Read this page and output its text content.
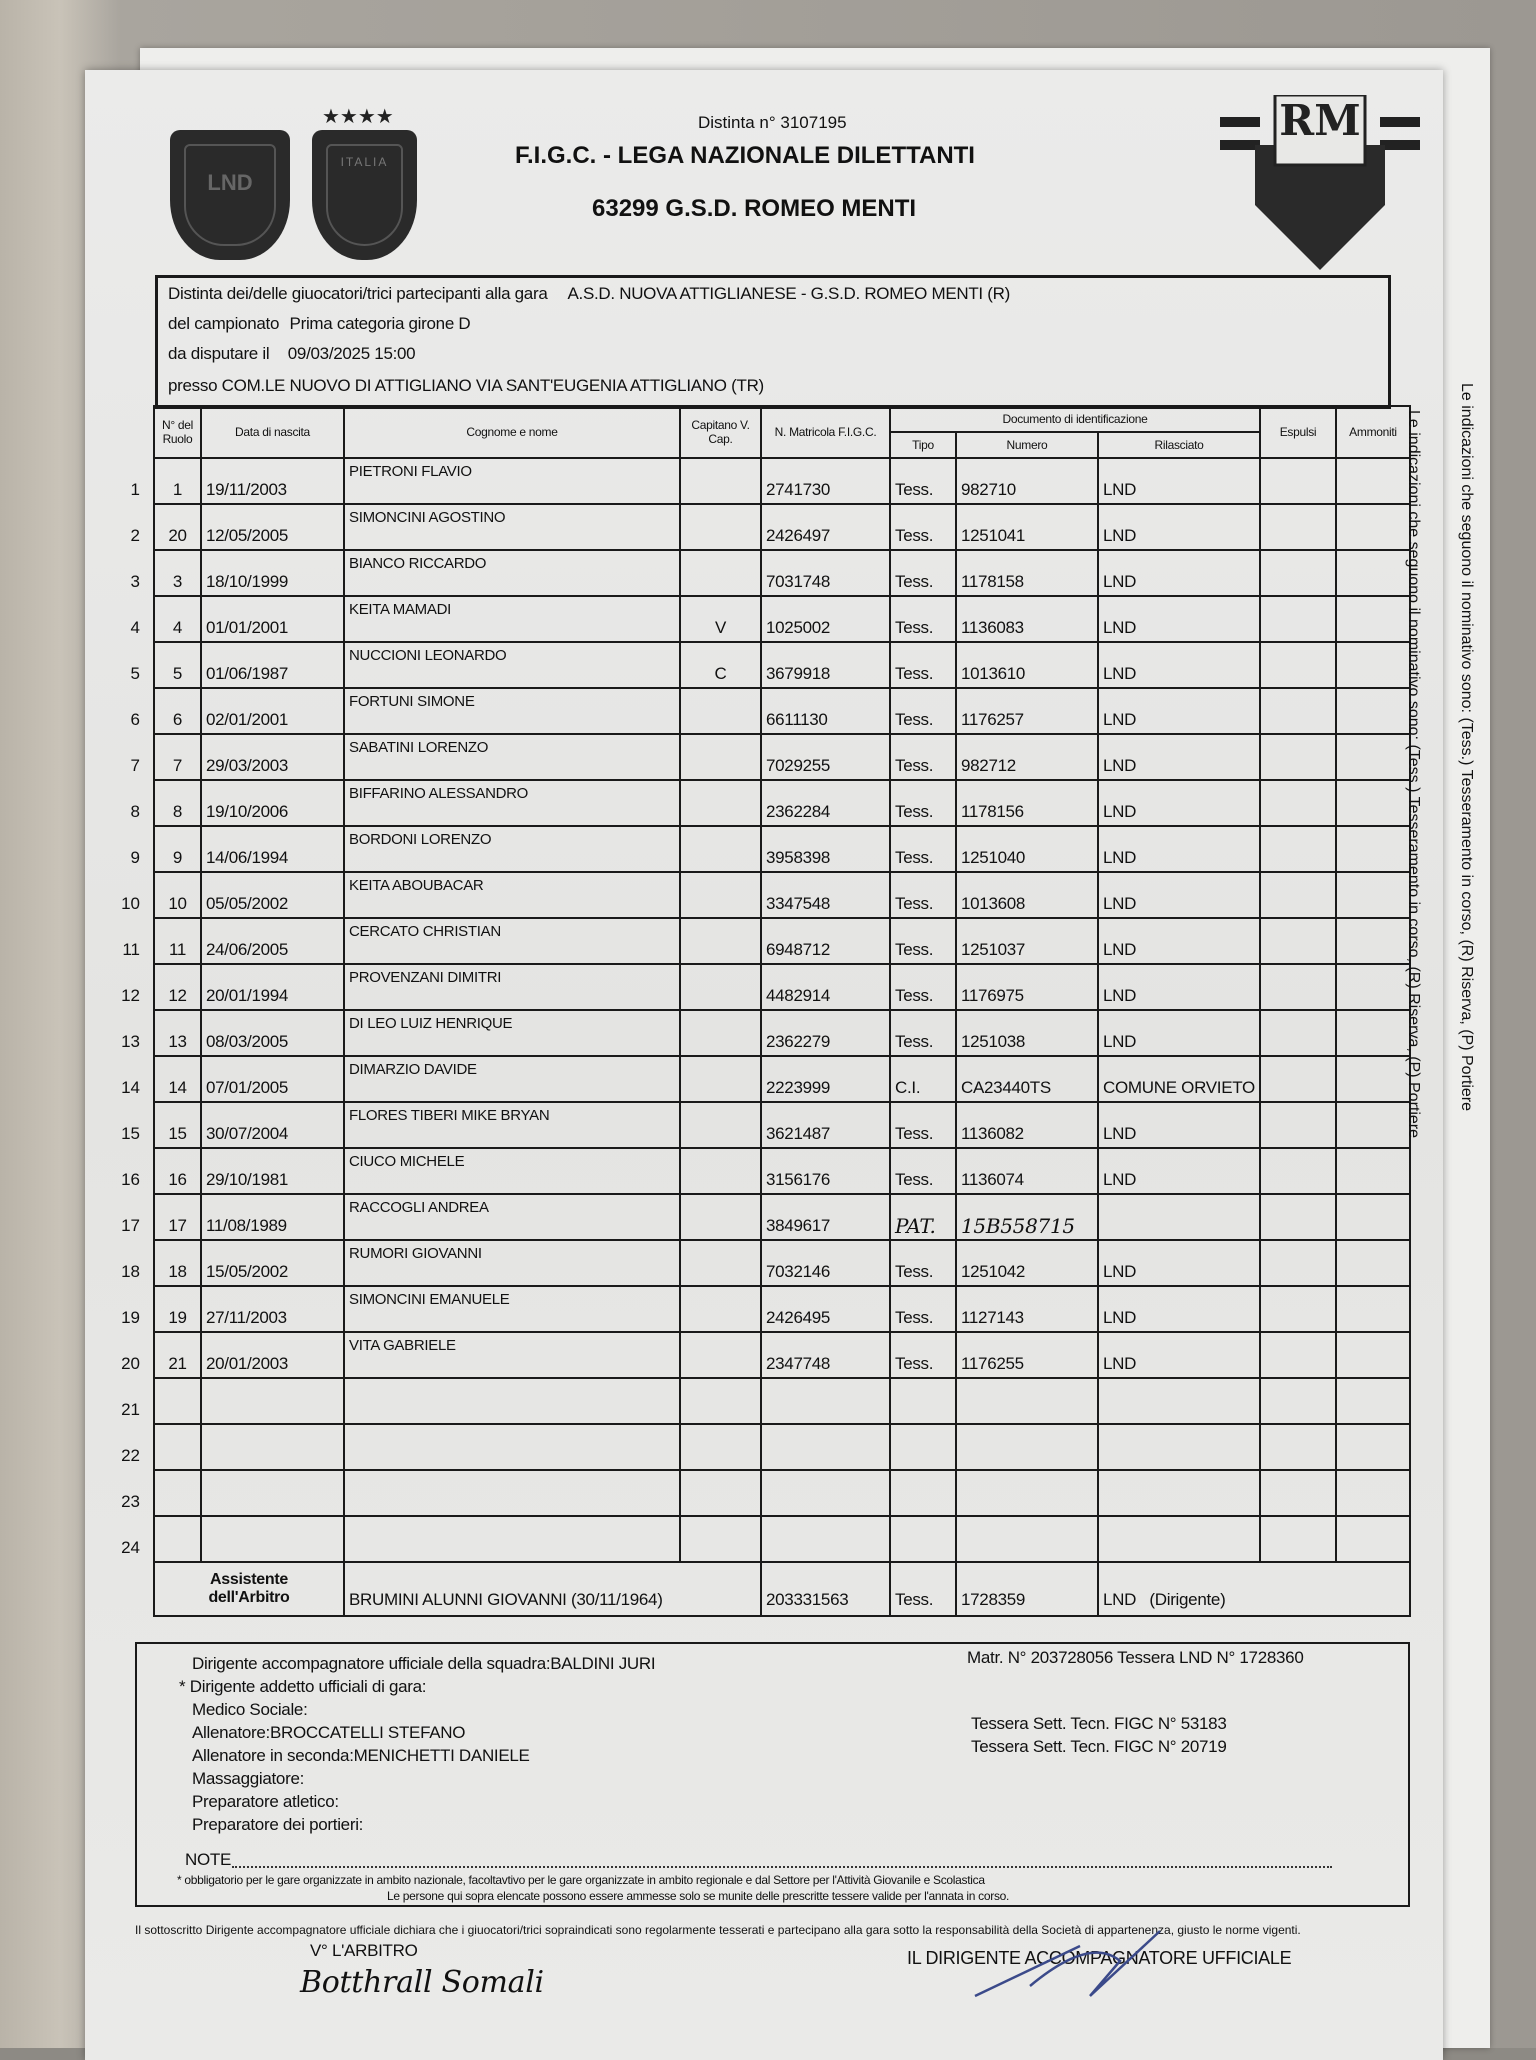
Le indicazioni che seguono il nominativo sono: (Tess.) Tesseramento in corso, (R) Riserva, (P) Portiere
LND
ITALIA
★★★★	Distinta n° 3107195
F.I.G.C. - LEGA NAZIONALE DILETTANTI
63299 G.S.D. ROMEO MENTI
RM
Distinta dei/delle giuocatori/trici partecipanti alla gara A.S.D. NUOVA ATTIGLIANESE - G.S.D. ROMEO MENTI (R)
del campionato Prima categoria girone D
da disputare il 09/03/2025 15:00
presso COM.LE NUOVO DI ATTIGLIANO VIA SANT'EUGENIA ATTIGLIANO (TR)
N° del Ruolo	Data di nascita	Cognome e nome	Capitano V. Cap.	N. Matricola F.I.G.C.	Documento di identificazione			Espulsi	Ammoniti
					Tipo	Numero	Rilasciato		
1	19/11/2003	PIETRONI FLAVIO		2741730	Tess.	982710	LND		
20	12/05/2005	SIMONCINI AGOSTINO		2426497	Tess.	1251041	LND		
3	18/10/1999	BIANCO RICCARDO		7031748	Tess.	1178158	LND		
4	01/01/2001	KEITA MAMADI	V	1025002	Tess.	1136083	LND		
5	01/06/1987	NUCCIONI LEONARDO	C	3679918	Tess.	1013610	LND		
6	02/01/2001	FORTUNI SIMONE		6611130	Tess.	1176257	LND		
7	29/03/2003	SABATINI LORENZO		7029255	Tess.	982712	LND		
8	19/10/2006	BIFFARINO ALESSANDRO		2362284	Tess.	1178156	LND		
9	14/06/1994	BORDONI LORENZO		3958398	Tess.	1251040	LND		
10	05/05/2002	KEITA ABOUBACAR		3347548	Tess.	1013608	LND		
11	24/06/2005	CERCATO CHRISTIAN		6948712	Tess.	1251037	LND		
12	20/01/1994	PROVENZANI DIMITRI		4482914	Tess.	1176975	LND		
13	08/03/2005	DI LEO LUIZ HENRIQUE		2362279	Tess.	1251038	LND		
14	07/01/2005	DIMARZIO DAVIDE		2223999	C.I.	CA23440TS	COMUNE ORVIETO		
15	30/07/2004	FLORES TIBERI MIKE BRYAN		3621487	Tess.	1136082	LND		
16	29/10/1981	CIUCO MICHELE		3156176	Tess.	1136074	LND		
17	11/08/1989	RACCOGLI ANDREA		3849617	PAT.	15B558715			
18	15/05/2002	RUMORI GIOVANNI		7032146	Tess.	1251042	LND		
19	27/11/2003	SIMONCINI EMANUELE		2426495	Tess.	1127143	LND		
21	20/01/2003	VITA GABRIELE		2347748	Tess.	1176255	LND		

Assistente
dell'Arbitro		BRUMINI ALUNNI GIOVANNI (30/11/1964)		203331563	Tess.	1728359	LND   (Dirigente)		
Dirigente accompagnatore ufficiale della squadra:BALDINI JURI	Matr. N° 203728056 Tessera LND N° 1728360
* Dirigente addetto ufficiali di gara:
Medico Sociale:
Allenatore:BROCCATELLI STEFANO	Tessera Sett. Tecn. FIGC N° 53183
Allenatore in seconda:MENICHETTI DANIELE	Tessera Sett. Tecn. FIGC N° 20719
Massaggiatore:
Preparatore atletico:
Preparatore dei portieri:
NOTE
* obbligatorio per le gare organizzate in ambito nazionale, facoltavtivo per le gare organizzate in ambito regionale e dal Settore per l'Attività Giovanile e Scolastica
Le persone qui sopra elencate possono essere ammesse solo se munite delle prescritte tessere valide per l'annata in corso.
Il sottoscritto Dirigente accompagnatore ufficiale dichiara che i giuocatori/trici sopraindicati sono regolarmente tesserati e partecipano alla gara sotto la responsabilità della Società di appartenenza, giusto le norme vigenti.
V° L'ARBITRO
Botthrall Somali
IL DIRIGENTE ACCOMPAGNATORE UFFICIALE
1
2
3
4
5
6
7
8
9
10
11
12
13
14
15
16
17
18
19
20
21
22
23
24
Le indicazioni che seguono il nominativo sono: (Tess.) Tesseramento in corso, (R) Riserva, (P) Portiere
